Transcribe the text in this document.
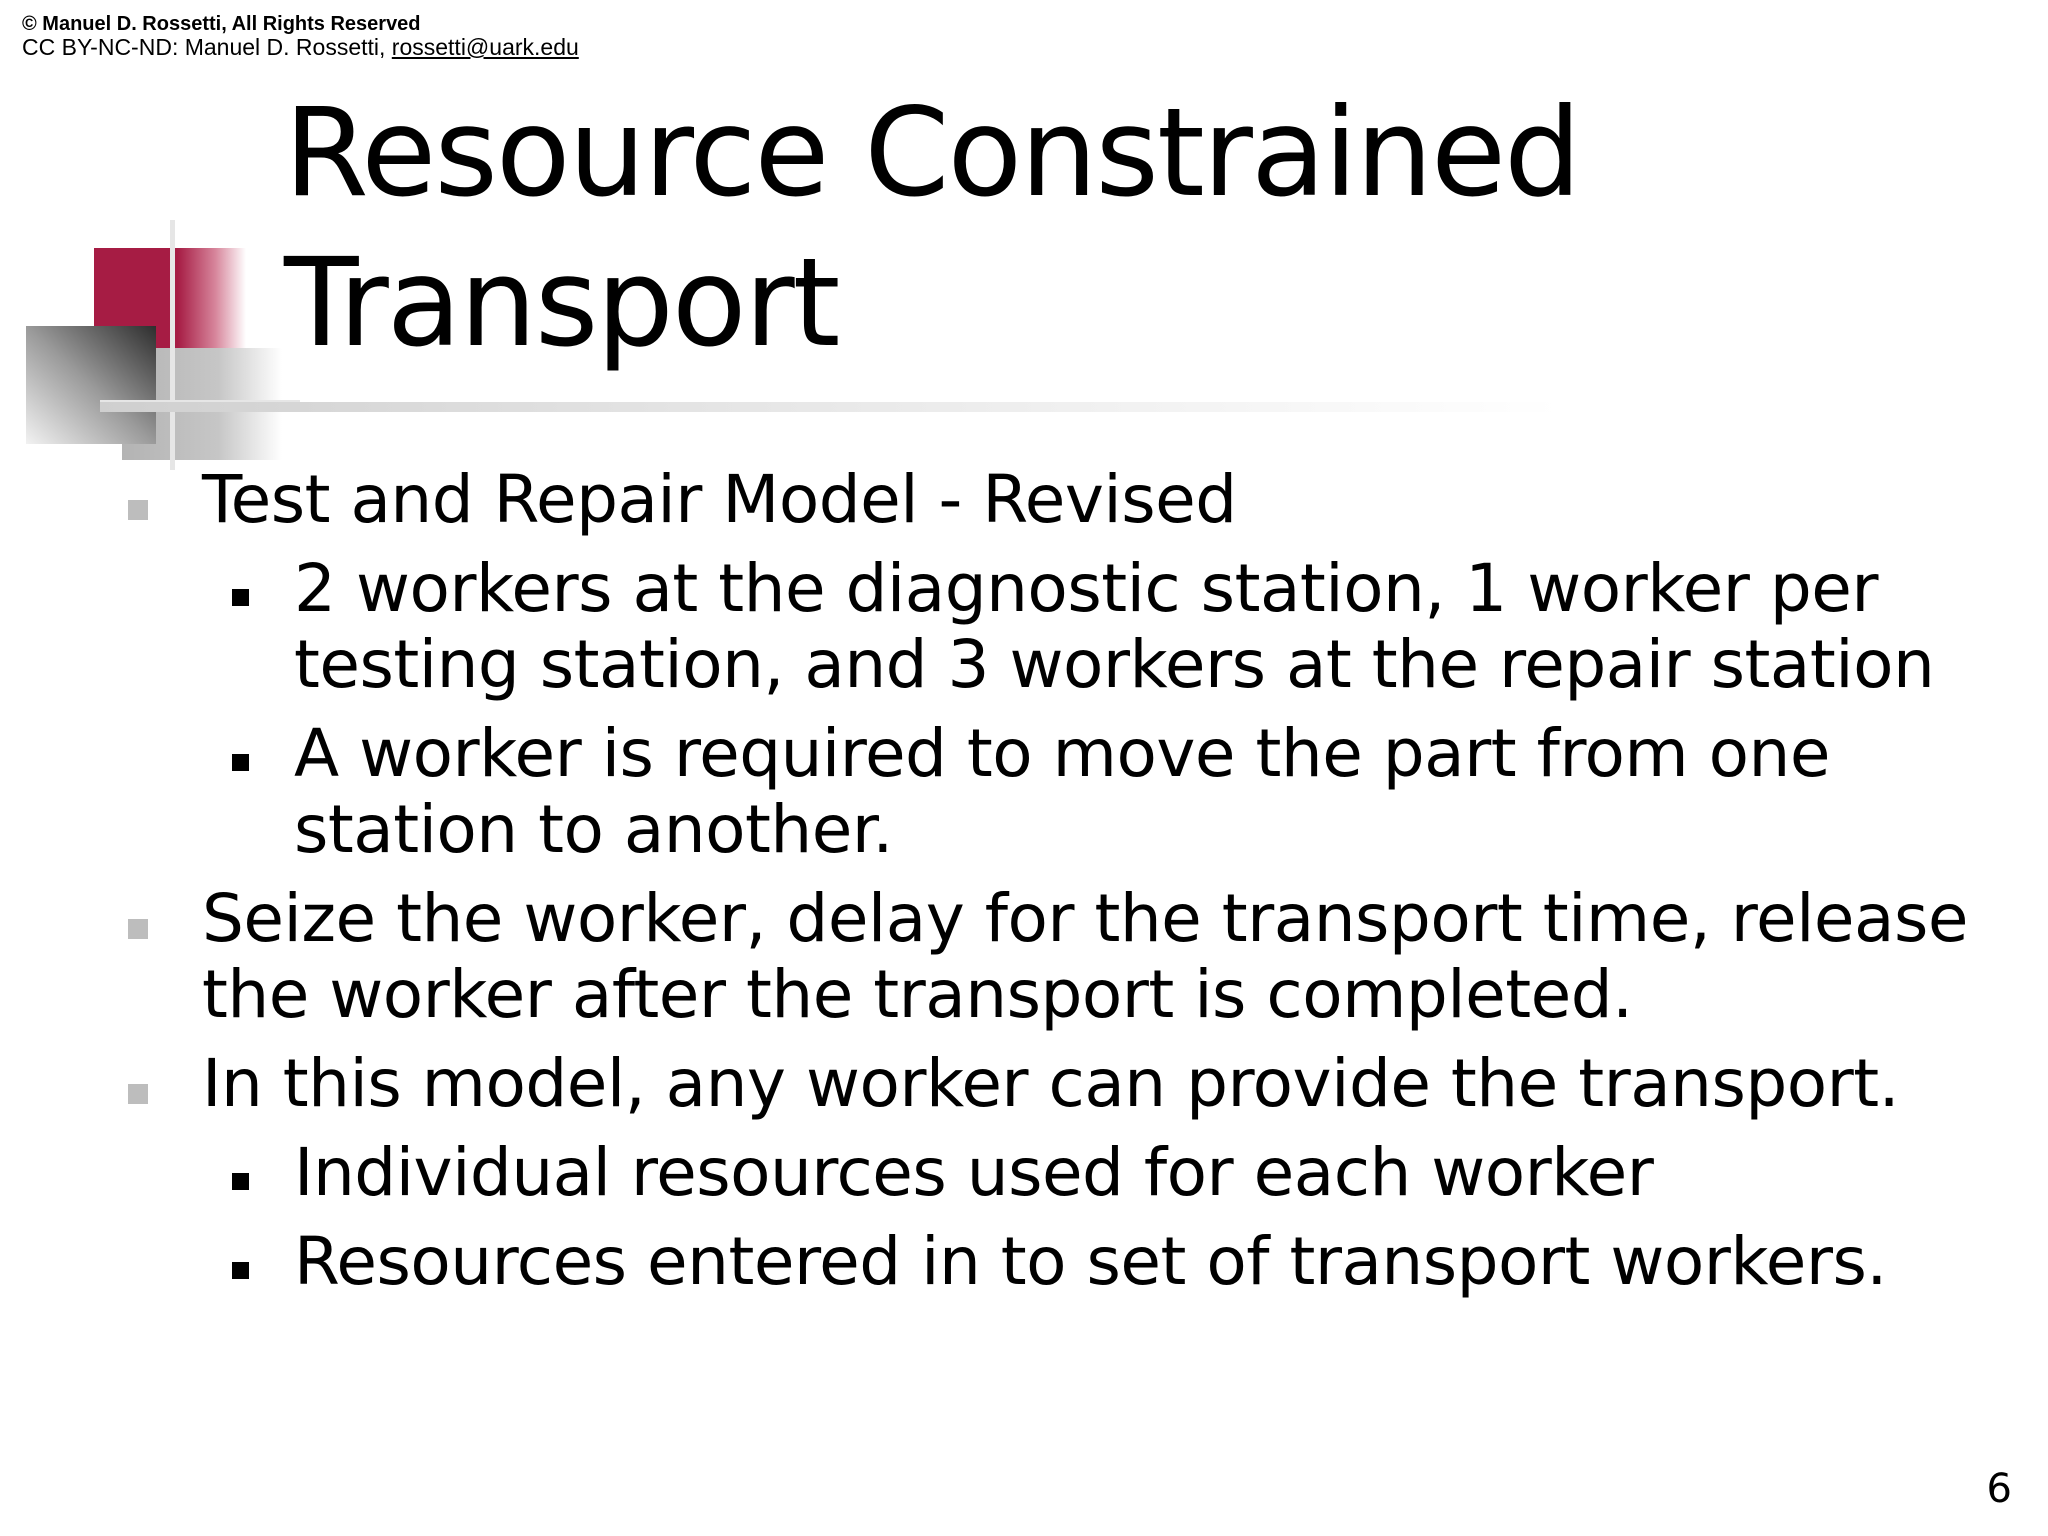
© Manuel D. Rossetti, All Rights Reserved
CC BY-NC-ND: Manuel D. Rossetti, rossetti@uark.edu
Resource Constrained
Transport
Test and Repair Model - Revised
2 workers at the diagnostic station, 1 worker per testing station, and 3 workers at the repair station
A worker is required to move the part from one station to another.
Seize the worker, delay for the transport time, release the worker after the transport is completed.
In this model, any worker can provide the transport.
Individual resources used for each worker
Resources entered in to set of transport workers.
6
